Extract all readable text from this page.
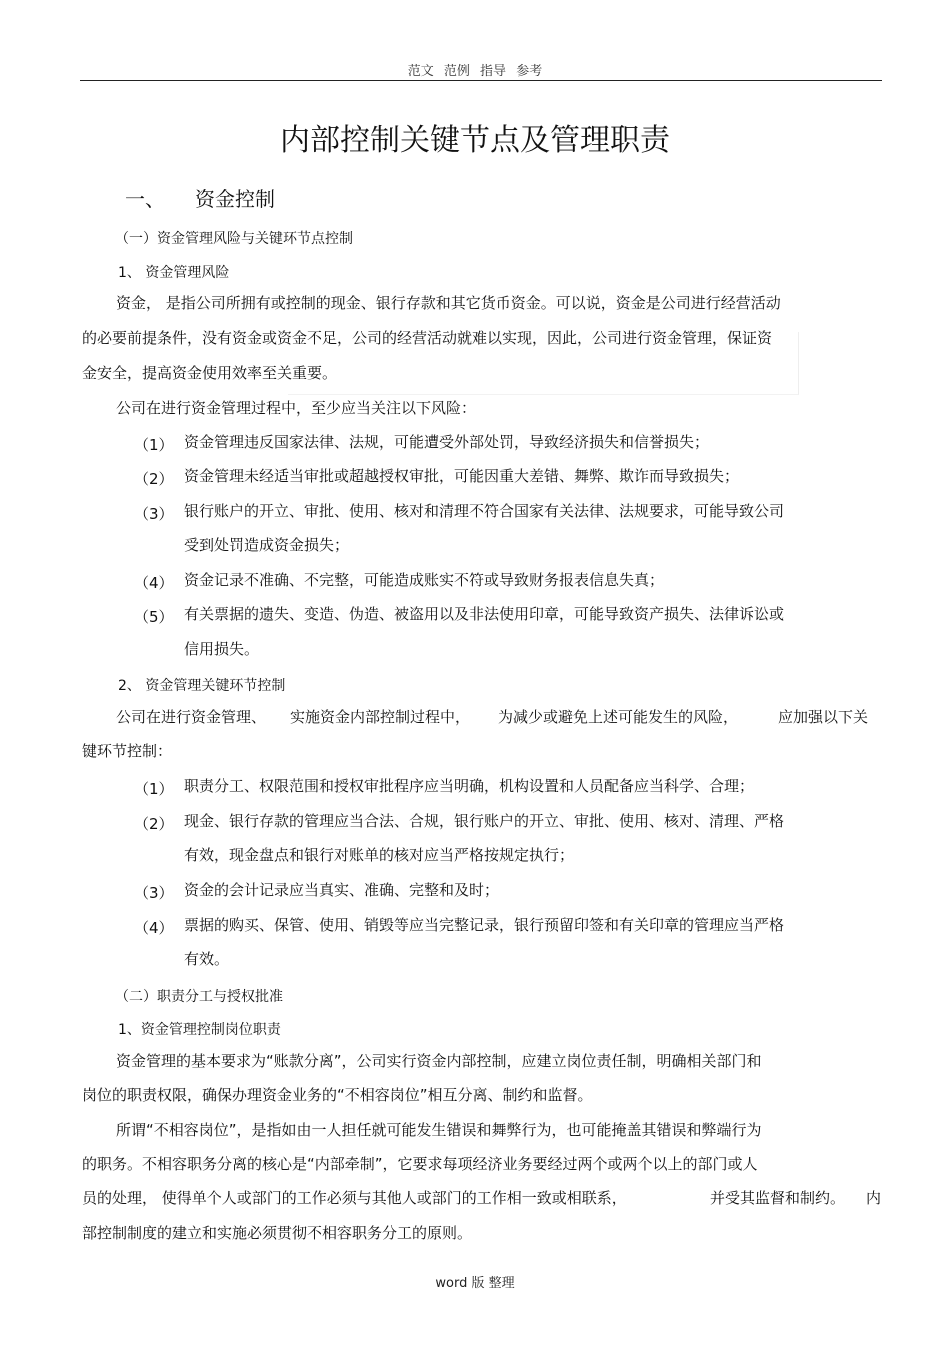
范文 范例 指导 参考
内部控制关键节点及管理职责
一、 资金控制
（一）资金管理风险与关键环节点控制
1、 资金管理风险
资金， 是指公司所拥有或控制的现金、银行存款和其它货币资金。可以说，资金是公司进行经营活动
的必要前提条件，没有资金或资金不足，公司的经营活动就难以实现，因此，公司进行资金管理，保证资
金安全，提高资金使用效率至关重要。
公司在进行资金管理过程中，至少应当关注以下风险：
（1） 资金管理违反国家法律、法规，可能遭受外部处罚，导致经济损失和信誉损失；
（2） 资金管理未经适当审批或超越授权审批，可能因重大差错、舞弊、欺诈而导致损失；
（3） 银行账户的开立、审批、使用、核对和清理不符合国家有关法律、法规要求，可能导致公司
受到处罚造成资金损失；
（4） 资金记录不准确、不完整，可能造成账实不符或导致财务报表信息失真；
（5） 有关票据的遗失、变造、伪造、被盗用以及非法使用印章，可能导致资产损失、法律诉讼或
信用损失。
2、 资金管理关键环节控制
公司在进行资金管理、 实施资金内部控制过程中， 为减少或避免上述可能发生的风险，	应加强以下关
键环节控制：
（1） 职责分工、权限范围和授权审批程序应当明确，机构设置和人员配备应当科学、合理；
（2） 现金、银行存款的管理应当合法、合规，银行账户的开立、审批、使用、核对、清理、严格
有效，现金盘点和银行对账单的核对应当严格按规定执行；
（3） 资金的会计记录应当真实、准确、完整和及时；
（4） 票据的购买、保管、使用、销毁等应当完整记录，银行预留印签和有关印章的管理应当严格
有效。
（二）职责分工与授权批准
1、资金管理控制岗位职责
资金管理的基本要求为“账款分离”，公司实行资金内部控制，应建立岗位责任制，明确相关部门和
岗位的职责权限，确保办理资金业务的“不相容岗位”相互分离、制约和监督。
所谓“不相容岗位”，是指如由一人担任就可能发生错误和舞弊行为，也可能掩盖其错误和弊端行为
的职务。不相容职务分离的核心是“内部牵制”，它要求每项经济业务要经过两个或两个以上的部门或人
员的处理， 使得单个人或部门的工作必须与其他人或部门的工作相一致或相联系，	并受其监督和制约。 内
部控制制度的建立和实施必须贯彻不相容职务分工的原则。
word 版 整理
